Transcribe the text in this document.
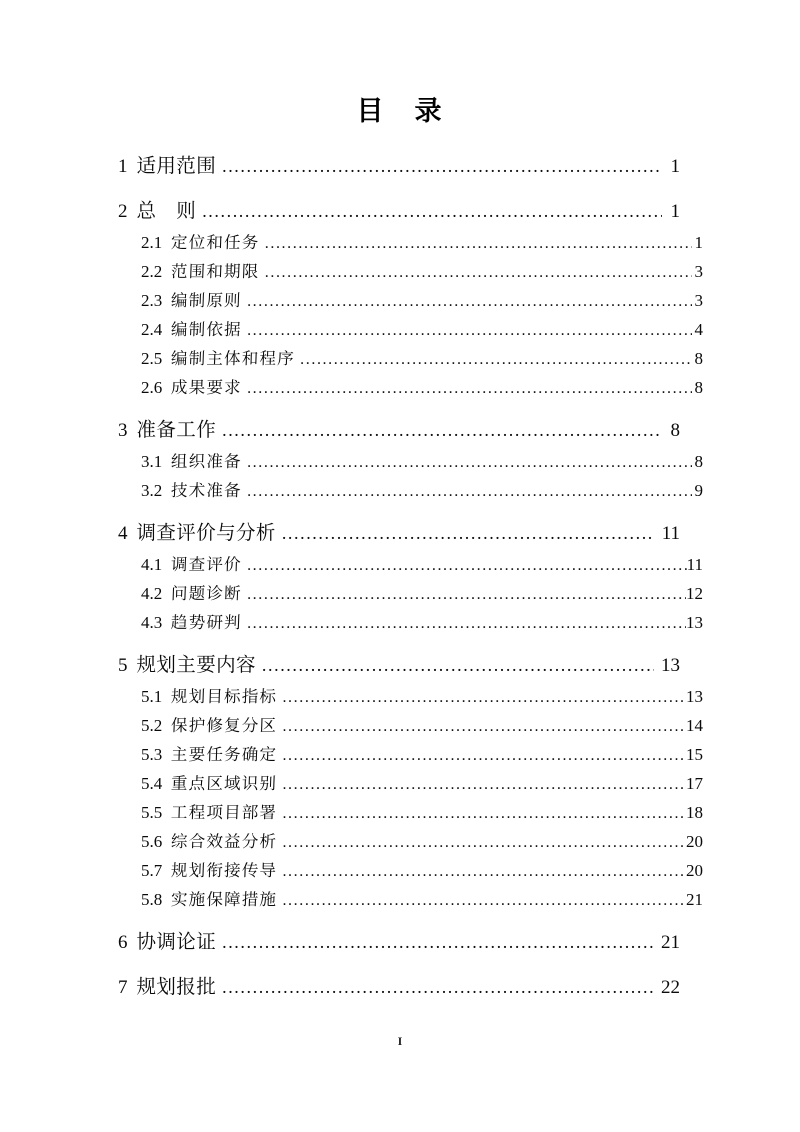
目　录
1 适用范围 .....	1
2 总　则 .....	1
2.1 定位和任务 .....	1
2.2 范围和期限 .....	3
2.3 编制原则 .....	3
2.4 编制依据 .....	4
2.5 编制主体和程序 .....	8
2.6 成果要求 .....	8
3 准备工作 .....	8
3.1 组织准备 .....	8
3.2 技术准备 .....	9
4 调查评价与分析 .....	11
4.1 调查评价 .....	11
4.2 问题诊断 .....	12
4.3 趋势研判 .....	13
5 规划主要内容 .....	13
5.1 规划目标指标 .....	13
5.2 保护修复分区 .....	14
5.3 主要任务确定 .....	15
5.4 重点区域识别 .....	17
5.5 工程项目部署 .....	18
5.6 综合效益分析 .....	20
5.7 规划衔接传导 .....	20
5.8 实施保障措施 .....	21
6 协调论证 .....	21
7 规划报批 .....	22
I
